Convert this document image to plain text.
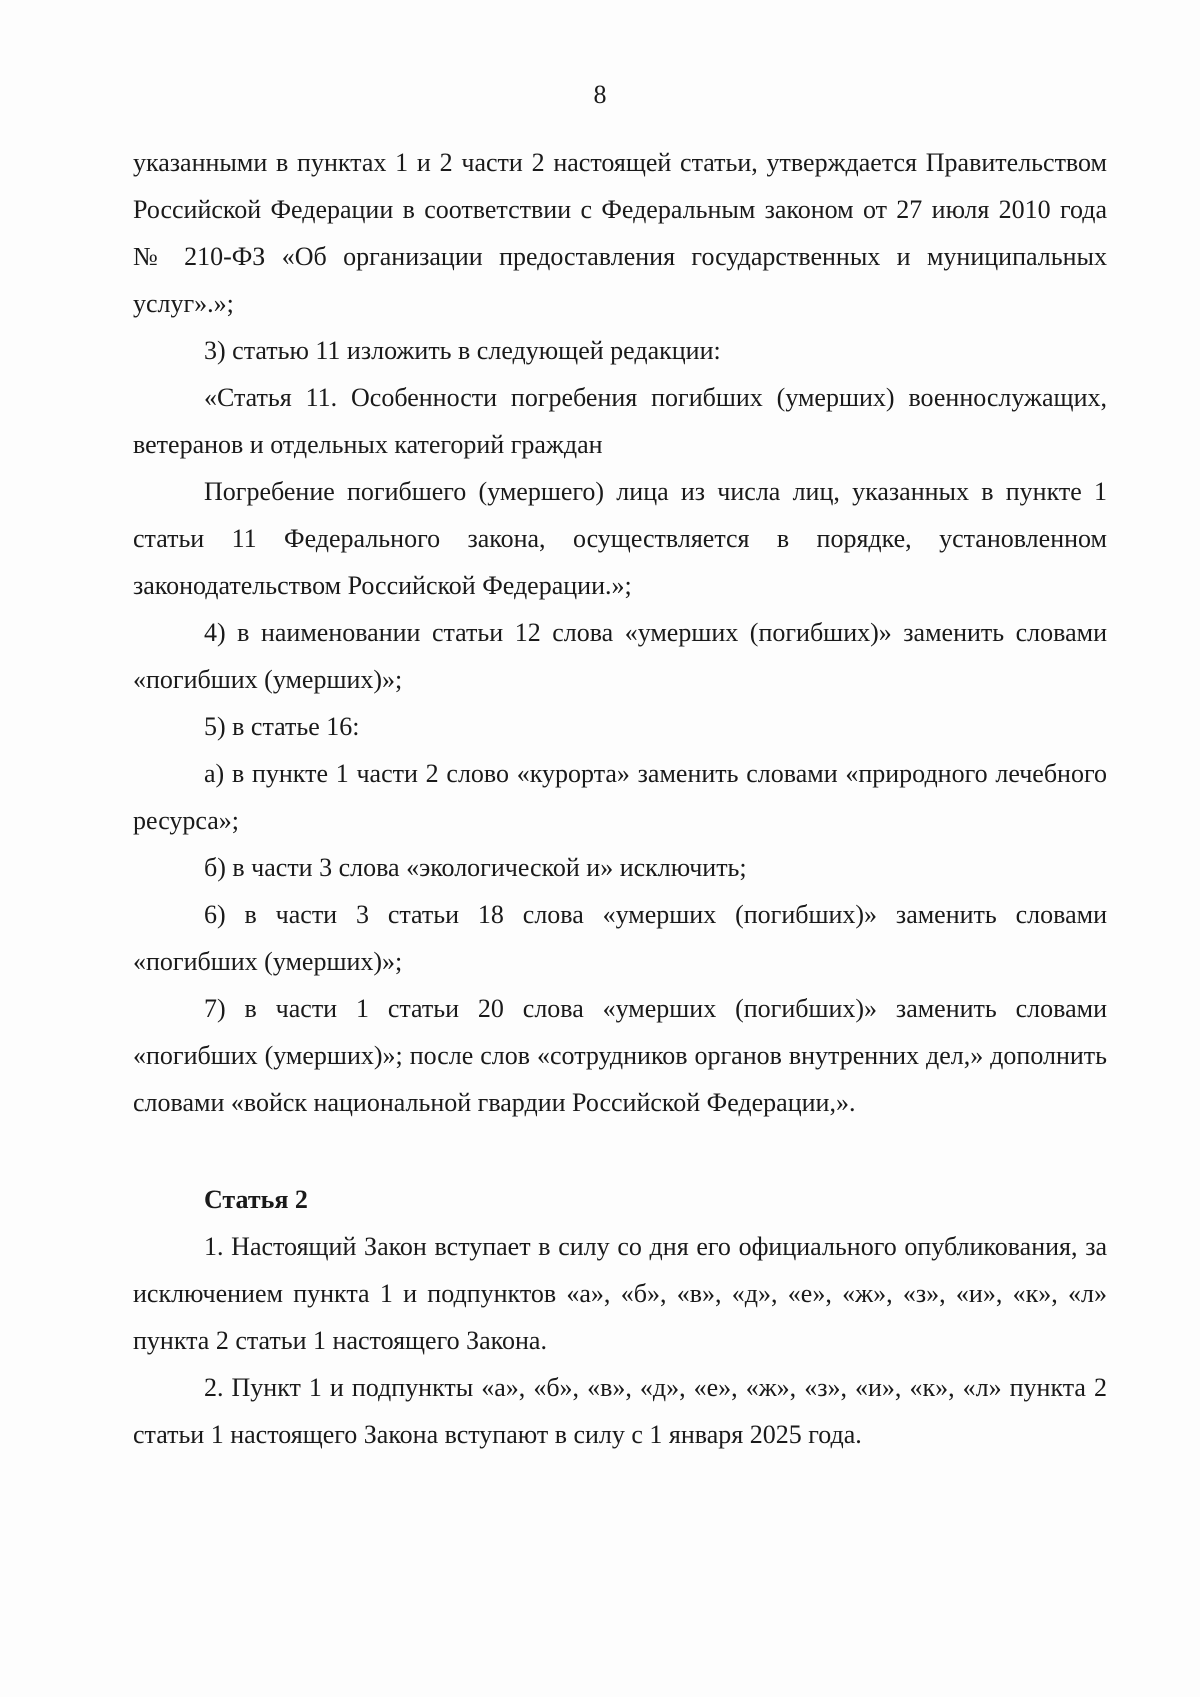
8

указанными в пунктах 1 и 2 части 2 настоящей статьи, утверждается Правительством Российской Федерации в соответствии с Федеральным законом от 27 июля 2010 года № 210-ФЗ «Об организации предоставления государственных и муниципальных услуг».»;

3) статью 11 изложить в следующей редакции:

«Статья 11. Особенности погребения погибших (умерших) военнослужащих, ветеранов и отдельных категорий граждан

Погребение погибшего (умершего) лица из числа лиц, указанных в пункте 1 статьи 11 Федерального закона, осуществляется в порядке, установленном законодательством Российской Федерации.»;

4) в наименовании статьи 12 слова «умерших (погибших)» заменить словами «погибших (умерших)»;

5) в статье 16:

а) в пункте 1 части 2 слово «курорта» заменить словами «природного лечебного ресурса»;

б) в части 3 слова «экологической и» исключить;

6) в части 3 статьи 18 слова «умерших (погибших)» заменить словами «погибших (умерших)»;

7) в части 1 статьи 20 слова «умерших (погибших)» заменить словами «погибших (умерших)»; после слов «сотрудников органов внутренних дел,» дополнить словами «войск национальной гвардии Российской Федерации,».

Статья 2

1. Настоящий Закон вступает в силу со дня его официального опубликования, за исключением пункта 1 и подпунктов «а», «б», «в», «д», «е», «ж», «з», «и», «к», «л» пункта 2 статьи 1 настоящего Закона.

2. Пункт 1 и подпункты «а», «б», «в», «д», «е», «ж», «з», «и», «к», «л» пункта 2 статьи 1 настоящего Закона вступают в силу с 1 января 2025 года.
